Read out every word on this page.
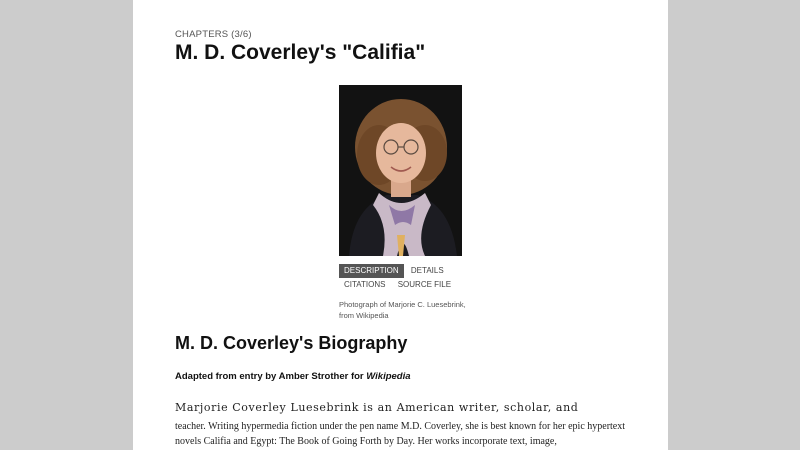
CHAPTERS (3/6)
M. D. Coverley's "Califia"
DESCRIPTION DETAILS
CITATIONS SOURCE FILE
Photograph of Marjorie C. Luesebrink, from Wikipedia
M. D. Coverley's Biography
Adapted from entry by Amber Strother for Wikipedia
Marjorie Coverley Luesebrink is an American writer, scholar, and
teacher. Writing hypermedia fiction under the pen name M.D. Coverley, she is best known for her epic hypertext novels Califia and Egypt: The Book of Going Forth by Day. Her works incorporate text, image,
